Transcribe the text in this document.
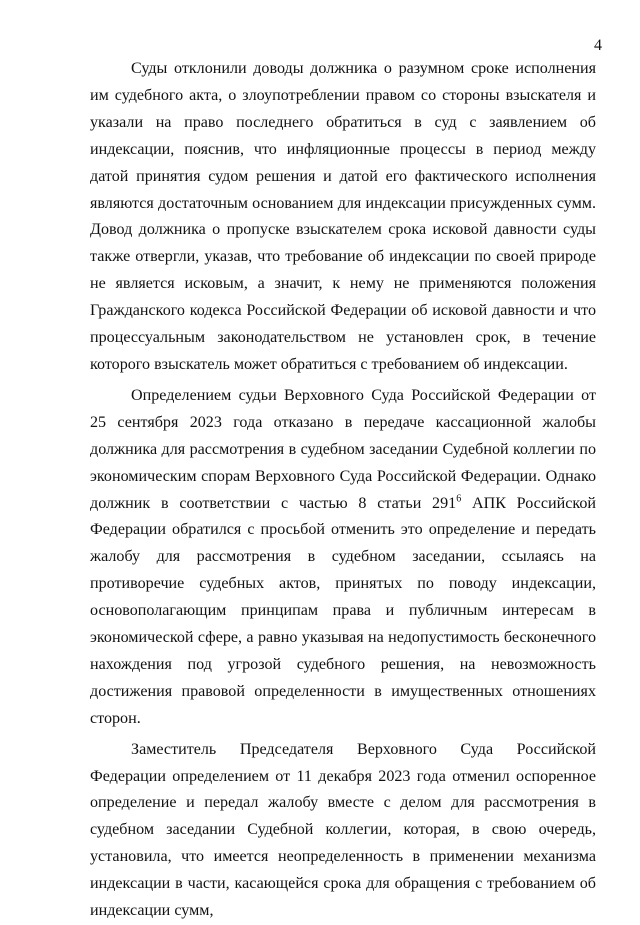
4

Суды отклонили доводы должника о разумном сроке исполнения им судебного акта, о злоупотреблении правом со стороны взыскателя и указали на право последнего обратиться в суд с заявлением об индексации, пояснив, что инфляционные процессы в период между датой принятия судом решения и датой его фактического исполнения являются достаточным основанием для индексации присужденных сумм. Довод должника о пропуске взыскателем срока исковой давности суды также отвергли, указав, что требование об индексации по своей природе не является исковым, а значит, к нему не применяются положения Гражданского кодекса Российской Федерации об исковой давности и что процессуальным законодательством не установлен срок, в течение которого взыскатель может обратиться с требованием об индексации.

Определением судьи Верховного Суда Российской Федерации от 25 сентября 2023 года отказано в передаче кассационной жалобы должника для рассмотрения в судебном заседании Судебной коллегии по экономическим спорам Верховного Суда Российской Федерации. Однако должник в соответствии с частью 8 статьи $291^6$ АПК Российской Федерации обратился с просьбой отменить это определение и передать жалобу для рассмотрения в судебном заседании, ссылаясь на противоречие судебных актов, принятых по поводу индексации, основополагающим принципам права и публичным интересам в экономической сфере, а равно указывая на недопустимость бесконечного нахождения под угрозой судебного решения, на невозможность достижения правовой определенности в имущественных отношениях сторон.

Заместитель Председателя Верховного Суда Российской Федерации определением от 11 декабря 2023 года отменил оспоренное определение и передал жалобу вместе с делом для рассмотрения в судебном заседании Судебной коллегии, которая, в свою очередь, установила, что имеется неопределенность в применении механизма индексации в части, касающейся срока для обращения с требованием об индексации сумм,
